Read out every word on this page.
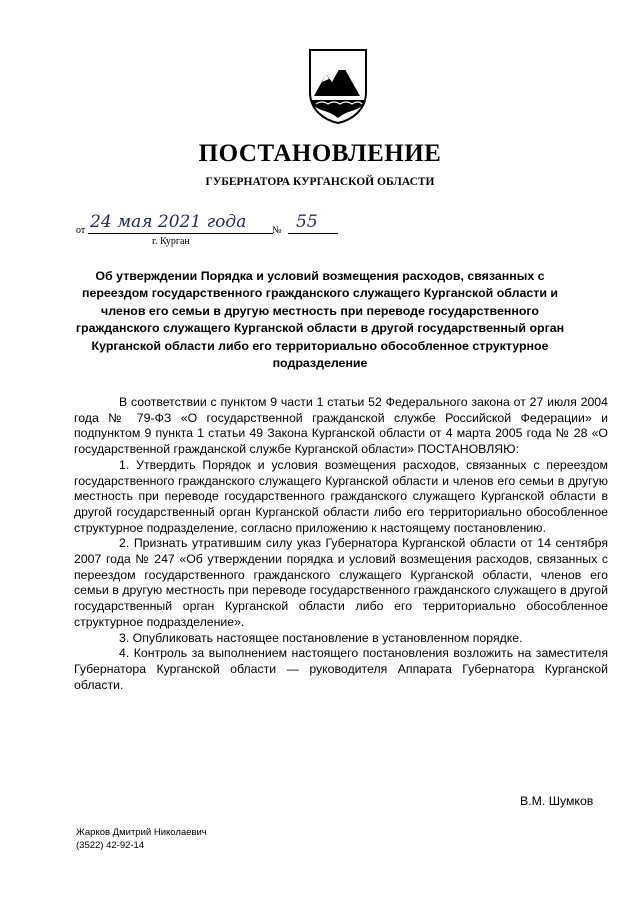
ПОСТАНОВЛЕНИЕ
ГУБЕРНАТОРА КУРГАНСКОЙ ОБЛАСТИ
от 24 мая 2021 года	№ 55
г. Курган
Об утверждении Порядка и условий возмещения расходов, связанных с переездом государственного гражданского служащего Курганской области и членов его семьи в другую местность при переводе государственного гражданского служащего Курганской области в другой государственный орган Курганской области либо его территориально обособленное структурное подразделение

В соответствии с пунктом 9 части 1 статьи 52 Федерального закона от 27 июля 2004 года № 79-ФЗ «О государственной гражданской службе Российской Федерации» и подпунктом 9 пункта 1 статьи 49 Закона Курганской области от 4 марта 2005 года № 28 «О государственной гражданской службе Курганской области» ПОСТАНОВЛЯЮ:

1. Утвердить Порядок и условия возмещения расходов, связанных с переездом государственного гражданского служащего Курганской области и членов его семьи в другую местность при переводе государственного гражданского служащего Курганской области в другой государственный орган Курганской области либо его территориально обособленное структурное подразделение, согласно приложению к настоящему постановлению.

2. Признать утратившим силу указ Губернатора Курганской области от 14 сентября 2007 года № 247 «Об утверждении порядка и условий возмещения расходов, связанных с переездом государственного гражданского служащего Курганской области, членов его семьи в другую местность при переводе государственного гражданского служащего в другой государственный орган Курганской области либо его территориально обособленное структурное подразделение».

3. Опубликовать настоящее постановление в установленном порядке.

4. Контроль за выполнением настоящего постановления возложить на заместителя Губернатора Курганской области — руководителя Аппарата Губернатора Курганской области.

В.М. Шумков
Жарков Дмитрий Николаевич
(3522) 42-92-14
